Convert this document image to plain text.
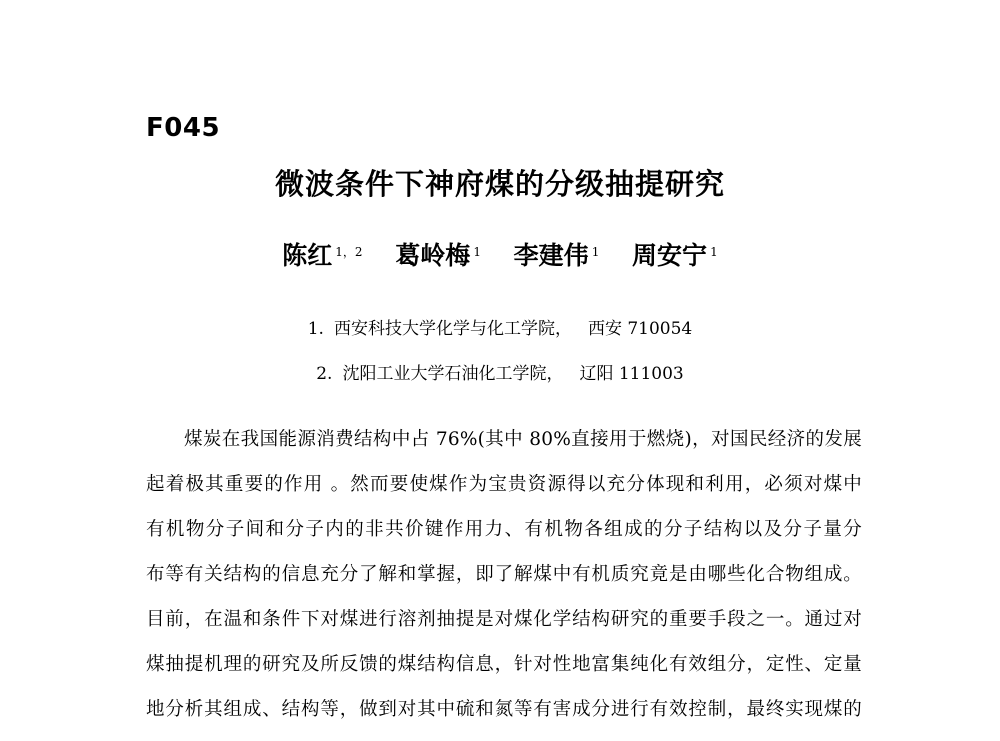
F045
微波条件下神府煤的分级抽提研究
陈红 $^{1,2}$ 葛岭梅 $^1$ 李建伟 $^1$ 周安宁 $^1$
1. 西安科技大学化学与化工学院， 西安 710054
2. 沈阳工业大学石油化工学院， 辽阳 111003
煤炭在我国能源消费结构中占 76%(其中 80%直接用于燃烧)，对国民经济的发展
起着极其重要的作用 。然而要使煤作为宝贵资源得以充分体现和利用，必须对煤中
有机物分子间和分子内的非共价键作用力、有机物各组成的分子结构以及分子量分
布等有关结构的信息充分了解和掌握，即了解煤中有机质究竟是由哪些化合物组成。
目前，在温和条件下对煤进行溶剂抽提是对煤化学结构研究的重要手段之一。通过对
煤抽提机理的研究及所反馈的煤结构信息，针对性地富集纯化有效组分，定性、定量
地分析其组成、结构等，做到对其中硫和氮等有害成分进行有效控制，最终实现煤的
